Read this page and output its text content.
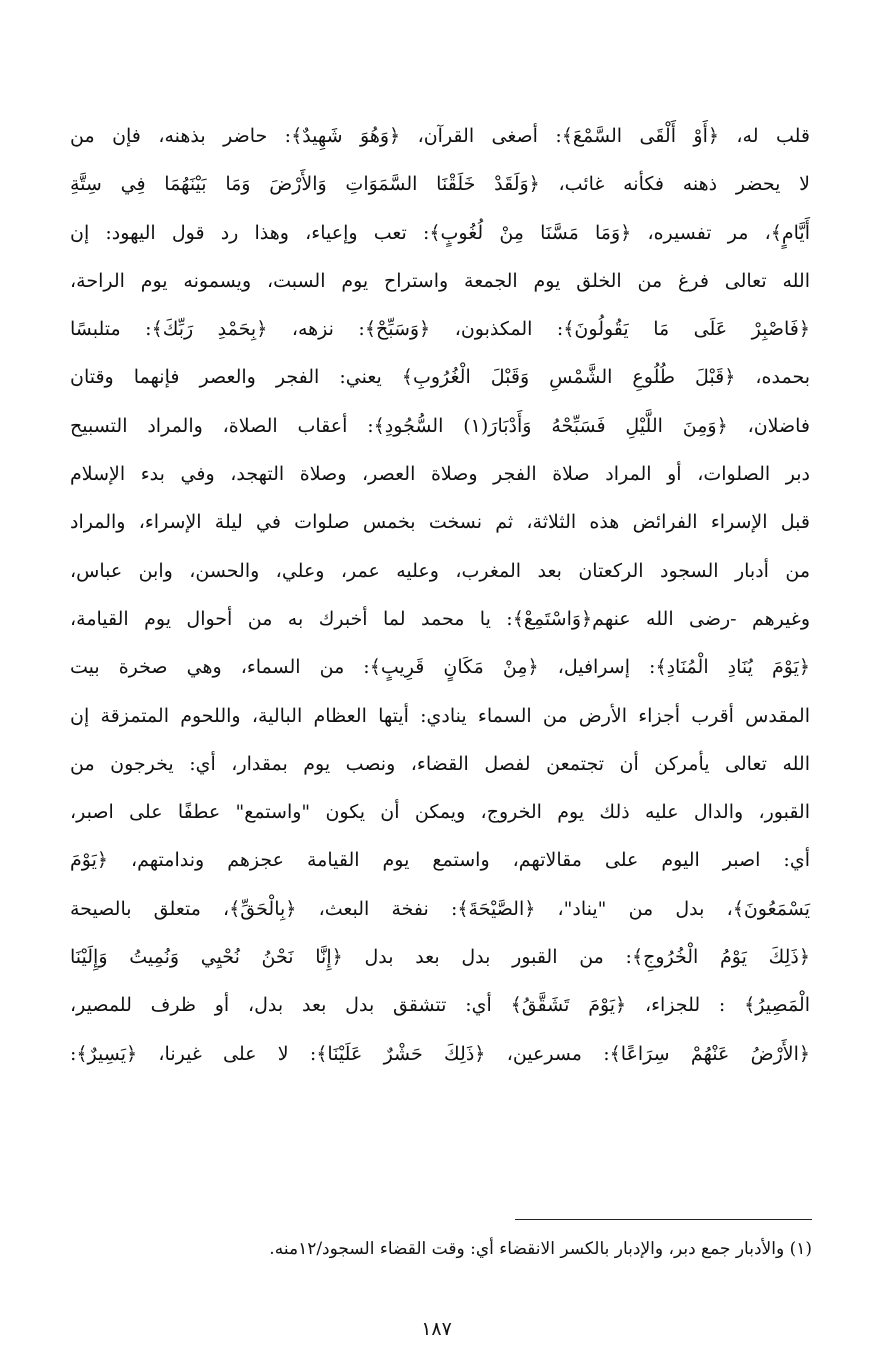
قلب له، ﴿أَوْ أَلْقَى السَّمْعَ﴾: أصغى القرآن، ﴿وَهُوَ شَهِيدٌ﴾: حاضر بذهنه، فإن من
لا يحضر ذهنه فكأنه غائب، ﴿وَلَقَدْ خَلَقْنَا السَّمَوَاتِ وَالأَرْضَ وَمَا بَيْنَهُمَا فِي سِتَّةِ
أَيَّامٍ﴾، مر تفسيره، ﴿وَمَا مَسَّنَا مِنْ لُغُوبٍ﴾: تعب وإعياء، وهذا رد قول اليهود: إن
الله تعالى فرغ من الخلق يوم الجمعة واستراح يوم السبت، ويسمونه يوم الراحة،
﴿فَاصْبِرْ عَلَى مَا يَقُولُونَ﴾: المكذبون، ﴿وَسَبِّحْ﴾: نزهه، ﴿بِحَمْدِ رَبِّكَ﴾: متلبسًا
بحمده، ﴿قَبْلَ طُلُوعِ الشَّمْسِ وَقَبْلَ الْغُرُوبِ﴾ يعني: الفجر والعصر فإنهما وقتان
فاضلان، ﴿وَمِنَ اللَّيْلِ فَسَبِّحْهُ وَأَدْبَارَ(١) السُّجُودِ﴾: أعقاب الصلاة، والمراد التسبيح
دبر الصلوات، أو المراد صلاة الفجر وصلاة العصر، وصلاة التهجد، وفي بدء الإسلام
قبل الإسراء الفرائض هذه الثلاثة، ثم نسخت بخمس صلوات في ليلة الإسراء، والمراد
من أدبار السجود الركعتان بعد المغرب، وعليه عمر، وعلي، والحسن، وابن عباس،
وغيرهم -رضى الله عنهم﴿وَاسْتَمِعْ﴾: يا محمد لما أخبرك به من أحوال يوم القيامة،
﴿يَوْمَ يُنَادِ الْمُنَادِ﴾: إسرافيل، ﴿مِنْ مَكَانٍ قَرِيبٍ﴾: من السماء، وهي صخرة بيت
المقدس أقرب أجزاء الأرض من السماء ينادي: أيتها العظام البالية، واللحوم المتمزقة إن
الله تعالى يأمركن أن تجتمعن لفصل القضاء، ونصب يوم بمقدار، أي: يخرجون من
القبور، والدال عليه ذلك يوم الخروج، ويمكن أن يكون "واستمع" عطفًا على اصبر،
أي: اصبر اليوم على مقالاتهم، واستمع يوم القيامة عجزهم وندامتهم، ﴿يَوْمَ
يَسْمَعُونَ﴾، بدل من "يناد"، ﴿الصَّيْحَةَ﴾: نفخة البعث، ﴿بِالْحَقِّ﴾، متعلق بالصيحة
﴿ذَلِكَ يَوْمُ الْخُرُوجِ﴾: من القبور بدل بعد بدل ﴿إِنَّا نَحْنُ نُحْيِي وَنُمِيتُ وَإِلَيْنَا
الْمَصِيرُ﴾ : للجزاء، ﴿يَوْمَ تَشَقَّقُ﴾ أي: تتشقق بدل بعد بدل، أو ظرف للمصير،
﴿الأَرْضُ عَنْهُمْ سِرَاعًا﴾: مسرعين، ﴿ذَلِكَ حَشْرٌ عَلَيْنَا﴾: لا على غيرنا، ﴿يَسِيرٌ﴾:
(١) والأدبار جمع دبر، والإدبار بالكسر الانقضاء أي: وقت القضاء السجود/١٢منه.
١٨٧
